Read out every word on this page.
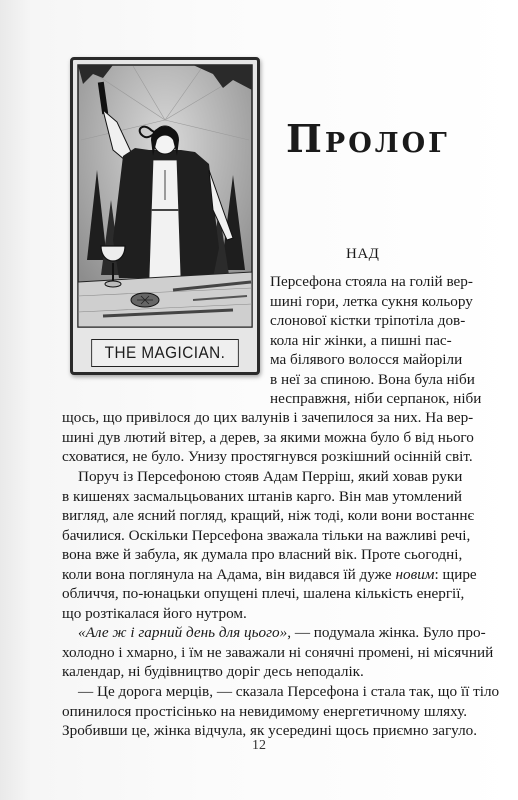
THE MAGICIAN.
Пролог
НАД
Персефона стояла на голій вер-
шині гори, летка сукня кольору
слонової кістки тріпотіла дов-
кола ніг жінки, а пишні пас-
ма білявого волосся майоріли
в неї за спиною. Вона була ніби
несправжня, ніби серпанок, ніби
щось, що привілося до цих валунів і зачепилося за них. На вер-
шині дув лютий вітер, а дерев, за якими можна було б від нього
сховатися, не було. Унизу простягнувся розкішний осінній світ.
Поруч із Персефоною стояв Адам Перріш, який ховав руки
в кишенях засмальцьованих штанів карго. Він мав утомлений
вигляд, але ясний погляд, кращий, ніж тоді, коли вони востаннє
бачилися. Оскільки Персефона зважала тільки на важливі речі,
вона вже й забула, як думала про власний вік. Проте сьогодні,
коли вона поглянула на Адама, він видався їй дуже новим: щире
обличчя, по-юнацьки опущені плечі, шалена кількість енергії,
що розтікалася його нутром.
«Але ж і гарний день для цього», — подумала жінка. Було про-
холодно і хмарно, і їм не заважали ні сонячні промені, ні місячний
календар, ні будівництво доріг десь неподалік.
— Це дорога мерців, — сказала Персефона і стала так, що її тіло
опинилося простісінько на невидимому енергетичному шляху.
Зробивши це, жінка відчула, як усередині щось приємно загуло.
12
